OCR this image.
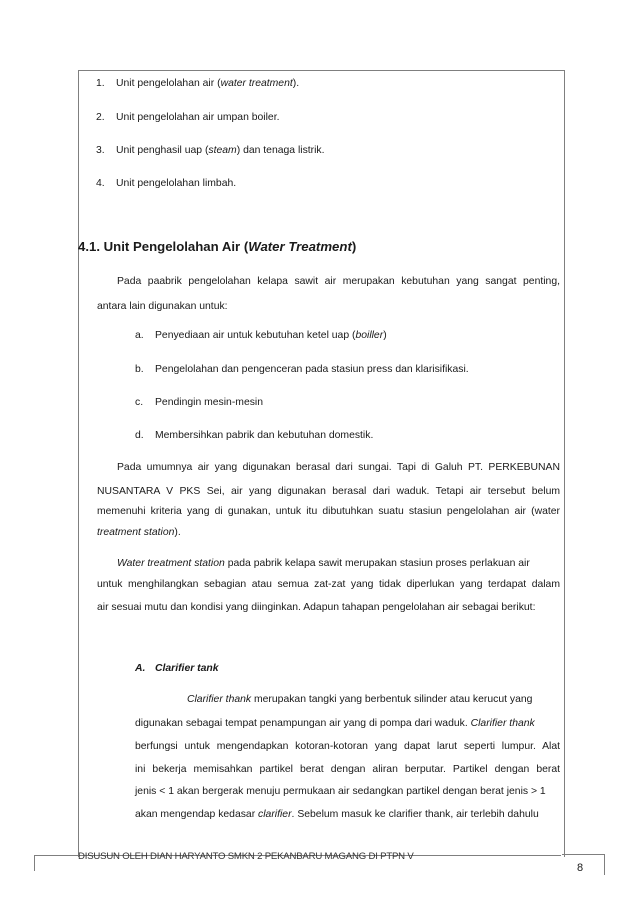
1. Unit pengelolahan air (water treatment).
2. Unit pengelolahan air umpan boiler.
3. Unit penghasil uap (steam) dan tenaga listrik.
4. Unit pengelolahan limbah.
4.1. Unit Pengelolahan Air (Water Treatment)
Pada paabrik pengelolahan kelapa sawit air merupakan kebutuhan yang sangat penting,
antara lain digunakan untuk:
a. Penyediaan air untuk kebutuhan ketel uap (boiller)
b. Pengelolahan dan pengenceran pada stasiun press dan klarisifikasi.
c. Pendingin mesin-mesin
d. Membersihkan pabrik dan kebutuhan domestik.
Pada umumnya air yang digunakan berasal dari sungai. Tapi di Galuh PT. PERKEBUNAN
NUSANTARA V PKS Sei, air yang digunakan berasal dari waduk. Tetapi air tersebut belum
memenuhi kriteria yang di gunakan, untuk itu dibutuhkan suatu stasiun pengelolahan air (water
treatment station).
Water treatment station pada pabrik kelapa sawit merupakan stasiun proses perlakuan air
untuk menghilangkan sebagian atau semua zat-zat yang tidak diperlukan yang terdapat dalam
air sesuai mutu dan kondisi yang diinginkan. Adapun tahapan pengelolahan air sebagai berikut:
A. Clarifier tank
Clarifier thank merupakan tangki yang berbentuk silinder atau kerucut yang
digunakan sebagai tempat penampungan air yang di pompa dari waduk. Clarifier thank
berfungsi untuk mengendapkan kotoran-kotoran yang dapat larut seperti lumpur. Alat
ini bekerja memisahkan partikel berat dengan aliran berputar. Partikel dengan berat
jenis < 1 akan bergerak menuju permukaan air sedangkan partikel dengan berat jenis > 1
akan mengendap kedasar clarifier. Sebelum masuk ke clarifier thank, air terlebih dahulu
DISUSUN OLEH DIAN HARYANTO SMKN 2 PEKANBARU MAGANG DI PTPN V
8
